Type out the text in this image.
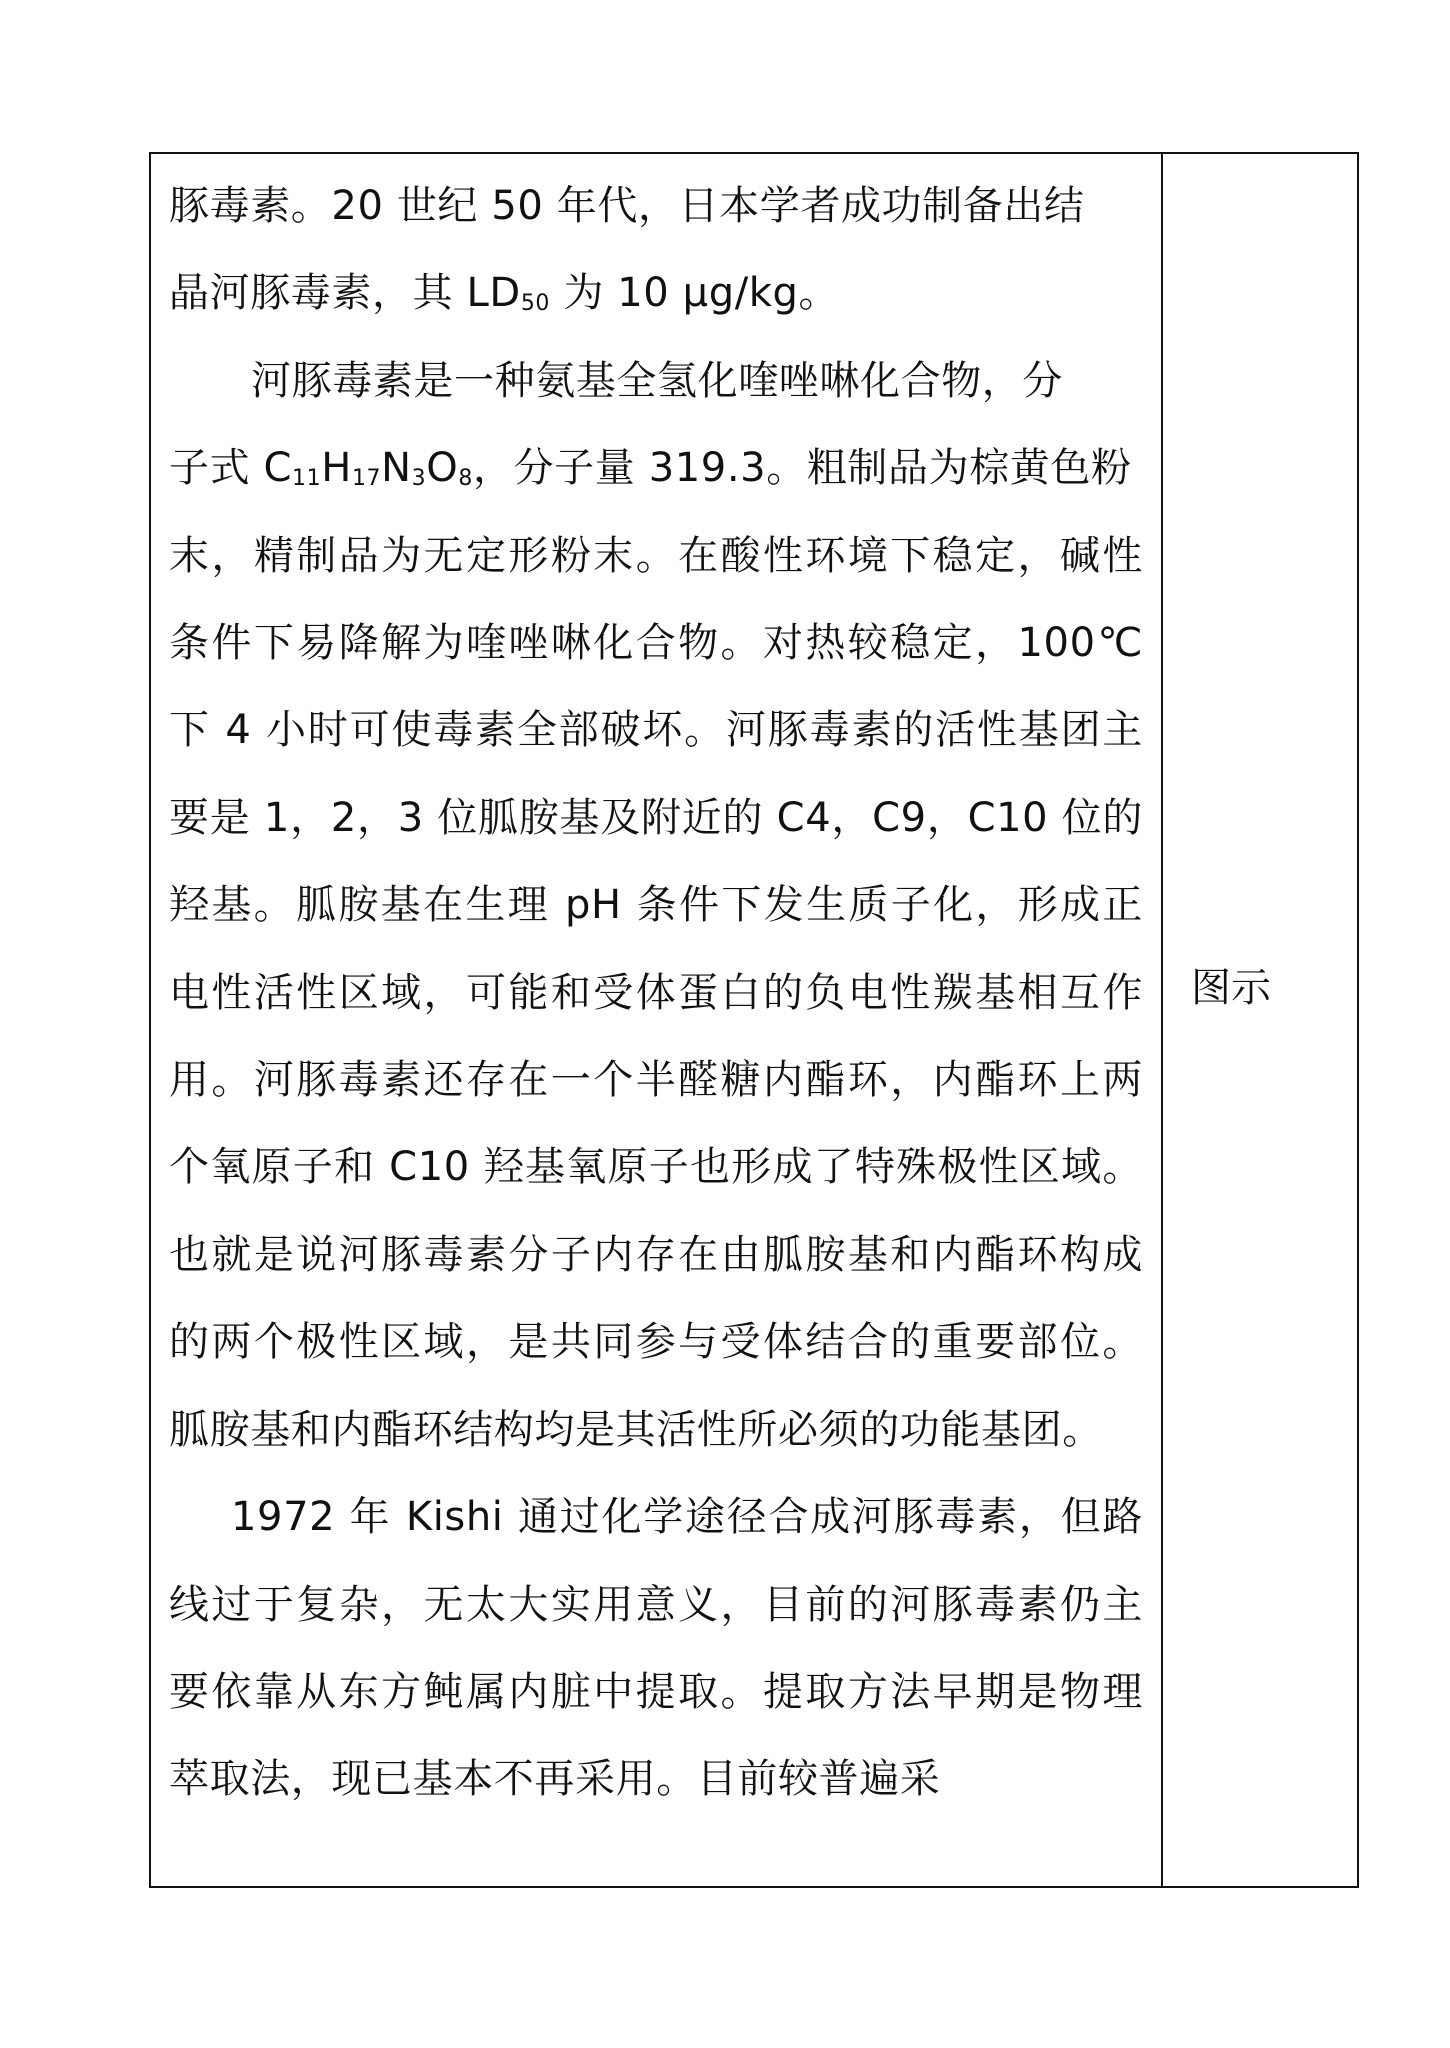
豚毒素。20 世纪 50 年代，日本学者成功制备出结
晶河豚毒素，其 $LD_{50}$ 为 10 μg/kg。

河豚毒素是一种氨基全氢化喹唑啉化合物，分
子式 $C_{11}H_{17}N_3O_8$，分子量 319.3。粗制品为棕黄色粉
末，精制品为无定形粉末。在酸性环境下稳定，碱性条件下易降解为喹唑啉化合物。对热较稳定，100℃下 4 小时可使毒素全部破坏。河豚毒素的活性基团主要是 1，2，3 位胍胺基及附近的 C4，C9，C10 位的羟基。胍胺基在生理 pH 条件下发生质子化，形成正电性活性区域，可能和受体蛋白的负电性羰基相互作用。河豚毒素还存在一个半醛糖内酯环，内酯环上两个氧原子和 C10 羟基氧原子也形成了特殊极性区域。也就是说河豚毒素分子内存在由胍胺基和内酯环构成的两个极性区域，是共同参与受体结合的重要部位。胍胺基和内酯环结构均是其活性所必须的功能基团。

1972 年 Kishi 通过化学途径合成河豚毒素，但路线过于复杂，无太大实用意义，目前的河豚毒素仍主要依靠从东方鲀属内脏中提取。提取方法早期是物理萃取法，现已基本不再采用。目前较普遍采

图示
